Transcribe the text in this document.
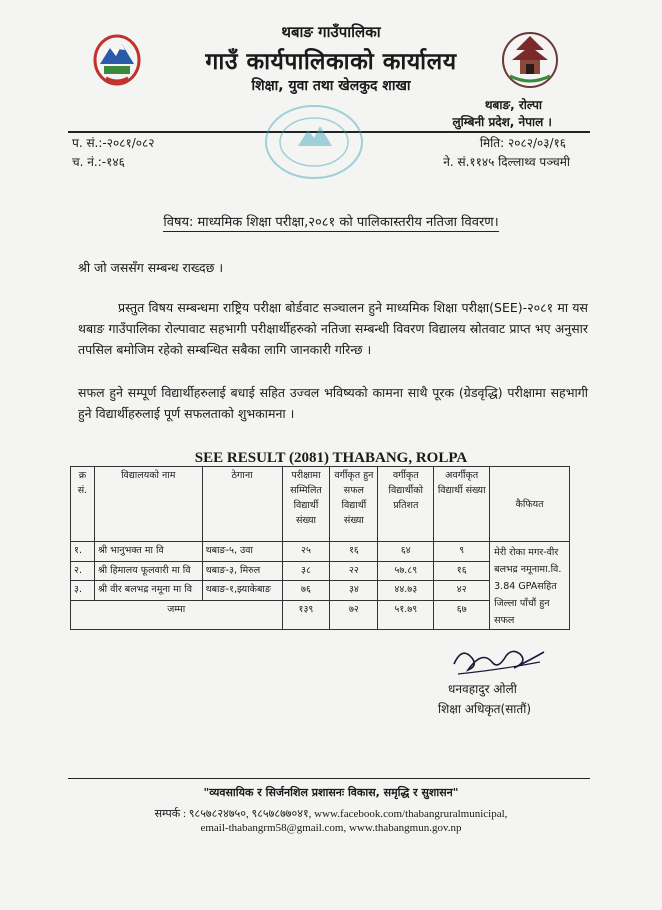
थबाङ गाउँपालिका
गाउँ कार्यपालिकाको कार्यालय
शिक्षा, युवा तथा खेलकुद शाखा
थबाङ, रोल्पा
लुम्बिनी प्रदेश, नेपाल ।
प. सं.:-२०८१/०८२
च. नं.:-१४६
मिति: २०८२/०३/१६
ने. सं.११४५ दिल्लाथ्व पञ्चमी
विषय: माध्यमिक शिक्षा परीक्षा,२०८१ को पालिकास्तरीय नतिजा विवरण।
श्री जो जससँग सम्बन्ध राख्दछ ।
प्रस्तुत विषय सम्बन्धमा राष्ट्रिय परीक्षा बोर्डवाट सञ्चालन हुने माध्यमिक शिक्षा परीक्षा(SEE)-२०८१ मा यस थबाङ गाउँपालिका रोल्पावाट सहभागी परीक्षार्थीहरुको नतिजा सम्बन्धी विवरण विद्यालय स्रोतवाट प्राप्त भए अनुसार तपसिल बमोजिम रहेको सम्बन्धित सबैका लागि जानकारी गरिन्छ ।
सफल हुने सम्पूर्ण विद्यार्थीहरुलाई बधाई सहित उज्वल भविष्यको कामना साथै पूरक (ग्रेडवृद्धि) परीक्षामा सहभागी हुने विद्यार्थीहरुलाई पूर्ण सफलताको शुभकामना ।
SEE RESULT (2081) THABANG, ROLPA
क्र सं.	विद्यालयको नाम	ठेगाना	परीक्षामा सम्मिलित विद्यार्थी संख्या	वर्गीकृत हुन सफल विद्यार्थी संख्या	वर्गीकृत विद्यार्थीको प्रतिशत	अवर्गीकृत विद्यार्थी संख्या	कैफियत
१.	श्री भानुभक्त मा वि	थबाङ-५, उवा	२५	१६	६४	९	मेरी रोका मगर-वीर बलभद्र नमूनामा.वि. 3.84 GPAसहित जिल्ला पाँचौं हुन सफल
२.	श्री हिमालय फूलवारी मा वि	थबाङ-३, मिरुल	३८	२२	५७.८९	१६	
३.	श्री वीर बलभद्र नमूना मा वि	थबाङ-१,झ्याकेबाङ	७६	३४	४४.७३	४२	
जम्मा			१३९	७२	५१.७९	६७	
धनवहादुर ओली
शिक्षा अधिकृत(सातौं)
"व्यवसायिक र सिर्जनशिल प्रशासनः विकास, समृद्धि र सुशासन"
सम्पर्क : ९८५७८२४७५०, ९८५७८७७०४१, www.facebook.com/thabangruralmunicipal,
email-thabangrm58@gmail.com, www.thabangmun.gov.np
